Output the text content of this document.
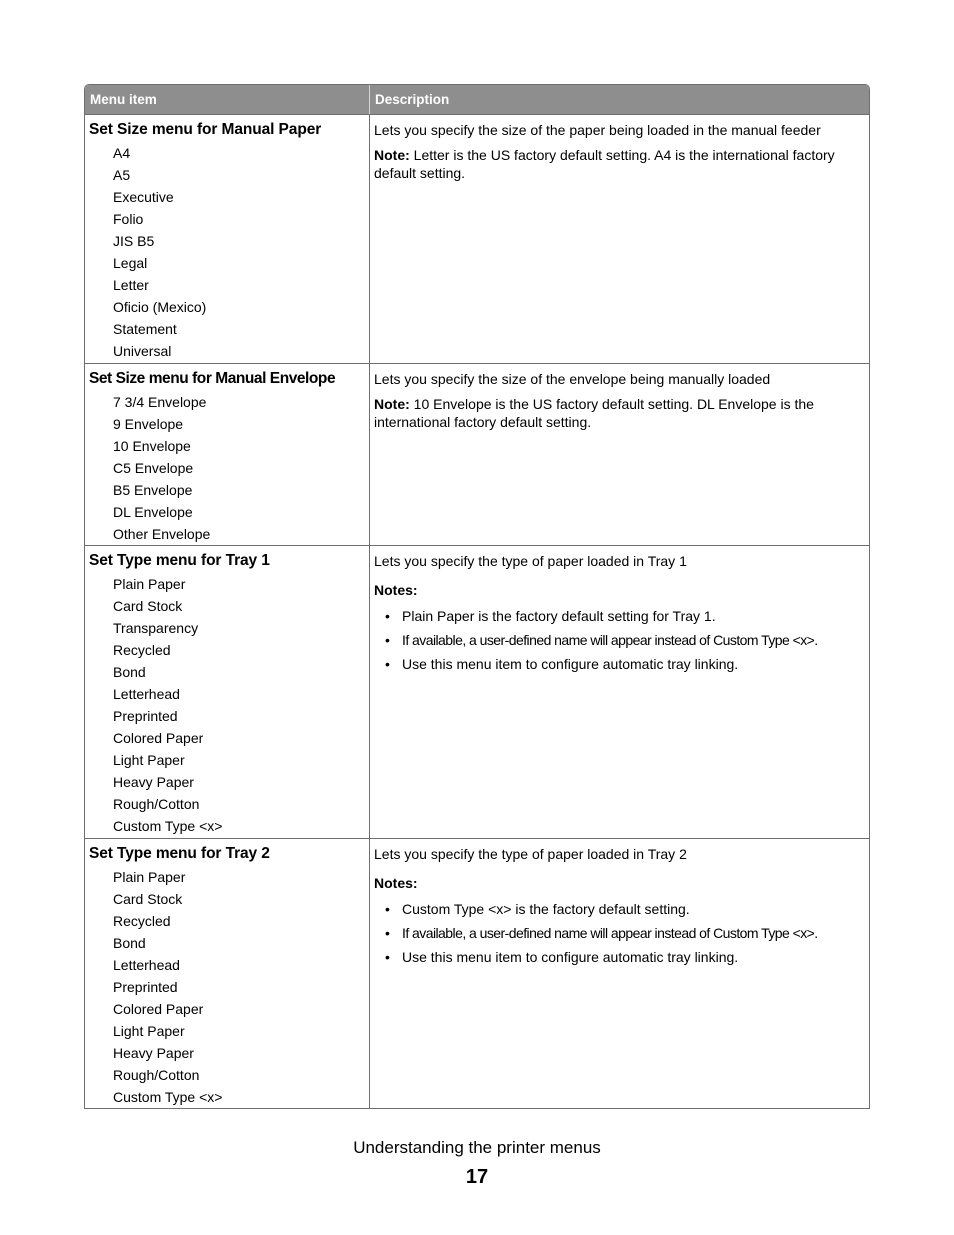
Menu item	Description
Set Size menu for Manual Paper
A4
A5
Executive
Folio
JIS B5
Legal
Letter
Oficio (Mexico)
Statement
Universal

Lets you specify the size of the paper being loaded in the manual feeder

Note: Letter is the US factory default setting. A4 is the international factory default setting.

Set Size menu for Manual Envelope
7 3/4 Envelope
9 Envelope
10 Envelope
C5 Envelope
B5 Envelope
DL Envelope
Other Envelope

Lets you specify the size of the envelope being manually loaded

Note: 10 Envelope is the US factory default setting. DL Envelope is the international factory default setting.

Set Type menu for Tray 1
Plain Paper
Card Stock
Transparency
Recycled
Bond
Letterhead
Preprinted
Colored Paper
Light Paper
Heavy Paper
Rough/Cotton
Custom Type <x>

Lets you specify the type of paper loaded in Tray 1

Notes:
• Plain Paper is the factory default setting for Tray 1.
• If available, a user-defined name will appear instead of Custom Type <x>.
• Use this menu item to configure automatic tray linking.
Set Type menu for Tray 2
Plain Paper
Card Stock
Recycled
Bond
Letterhead
Preprinted
Colored Paper
Light Paper
Heavy Paper
Rough/Cotton
Custom Type <x>

Lets you specify the type of paper loaded in Tray 2

Notes:
• Custom Type <x> is the factory default setting.
• If available, a user-defined name will appear instead of Custom Type <x>.
• Use this menu item to configure automatic tray linking.
Understanding the printer menus
17
